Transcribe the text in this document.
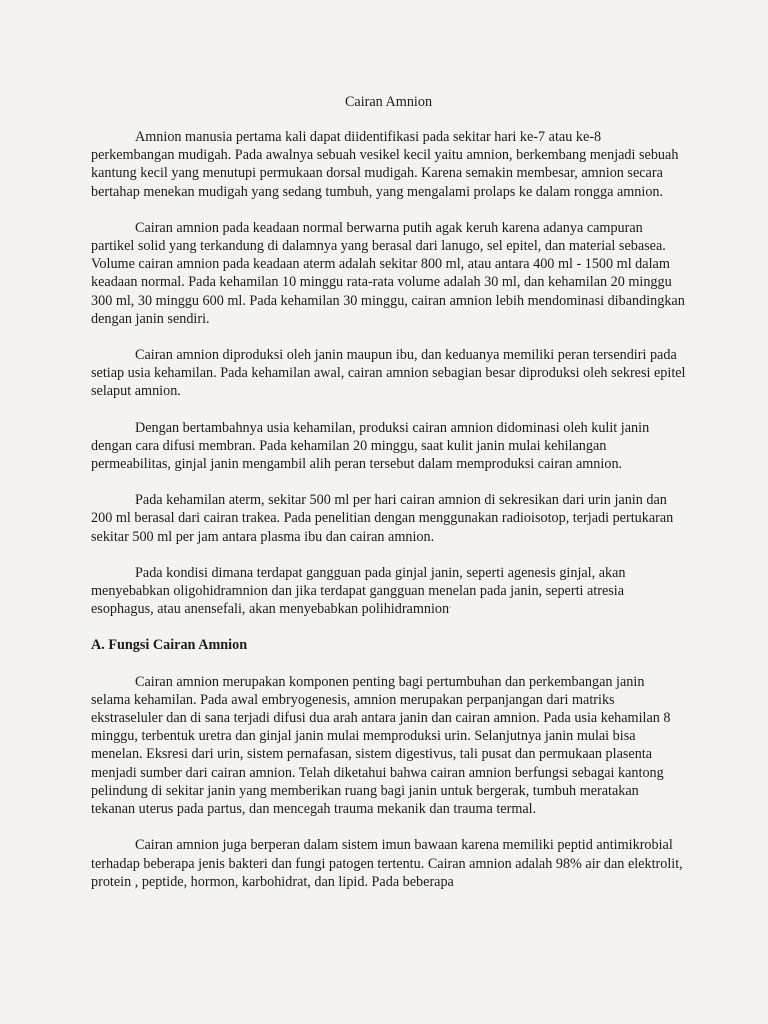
Cairan Amnion

Amnion manusia pertama kali dapat diidentifikasi pada sekitar hari ke-7 atau ke-8 perkembangan mudigah. Pada awalnya sebuah vesikel kecil yaitu amnion, berkembang menjadi sebuah kantung kecil yang menutupi permukaan dorsal mudigah. Karena semakin membesar, amnion secara bertahap menekan mudigah yang sedang tumbuh, yang mengalami prolaps ke dalam rongga amnion.

Cairan amnion pada keadaan normal berwarna putih agak keruh karena adanya campuran partikel solid yang terkandung di dalamnya yang berasal dari lanugo, sel epitel, dan material sebasea. Volume cairan amnion pada keadaan aterm adalah sekitar 800 ml, atau antara 400 ml - 1500 ml dalam keadaan normal. Pada kehamilan 10 minggu rata-rata volume adalah 30 ml, dan kehamilan 20 minggu 300 ml, 30 minggu 600 ml. Pada kehamilan 30 minggu, cairan amnion lebih mendominasi dibandingkan dengan janin sendiri.

Cairan amnion diproduksi oleh janin maupun ibu, dan keduanya memiliki peran tersendiri pada setiap usia kehamilan. Pada kehamilan awal, cairan amnion sebagian besar diproduksi oleh sekresi epitel selaput amnion.

Dengan bertambahnya usia kehamilan, produksi cairan amnion didominasi oleh kulit janin dengan cara difusi membran. Pada kehamilan 20 minggu, saat kulit janin mulai kehilangan permeabilitas, ginjal janin mengambil alih peran tersebut dalam memproduksi cairan amnion.

Pada kehamilan aterm, sekitar 500 ml per hari cairan amnion di sekresikan dari urin janin dan 200 ml berasal dari cairan trakea. Pada penelitian dengan menggunakan radioisotop, terjadi pertukaran sekitar 500 ml per jam antara plasma ibu dan cairan amnion.

Pada kondisi dimana terdapat gangguan pada ginjal janin, seperti agenesis ginjal, akan menyebabkan oligohidramnion dan jika terdapat gangguan menelan pada janin, seperti atresia esophagus, atau anensefali, akan menyebabkan polihidramnion.

A. Fungsi Cairan Amnion

Cairan amnion merupakan komponen penting bagi pertumbuhan dan perkembangan janin selama kehamilan. Pada awal embryogenesis, amnion merupakan perpanjangan dari matriks ekstraseluler dan di sana terjadi difusi dua arah antara janin dan cairan amnion. Pada usia kehamilan 8 minggu, terbentuk uretra dan ginjal janin mulai memproduksi urin. Selanjutnya janin mulai bisa menelan. Eksresi dari urin, sistem pernafasan, sistem digestivus, tali pusat dan permukaan plasenta menjadi sumber dari cairan amnion. Telah diketahui bahwa cairan amnion berfungsi sebagai kantong pelindung di sekitar janin yang memberikan ruang bagi janin untuk bergerak, tumbuh meratakan tekanan uterus pada partus, dan mencegah trauma mekanik dan trauma termal.

Cairan amnion juga berperan dalam sistem imun bawaan karena memiliki peptid antimikrobial terhadap beberapa jenis bakteri dan fungi patogen tertentu. Cairan amnion adalah 98% air dan elektrolit, protein , peptide, hormon, karbohidrat, dan lipid. Pada beberapa
